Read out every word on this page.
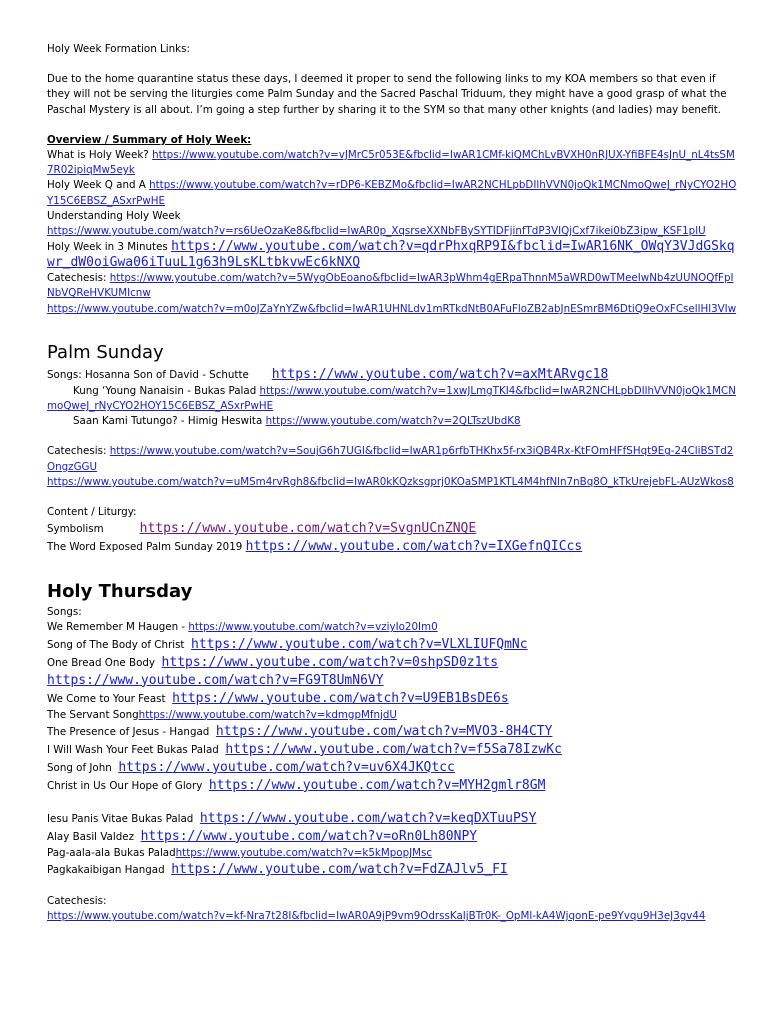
Holy Week Formation Links:
Due to the home quarantine status these days, I deemed it proper to send the following links to my KOA members so that even if they will not be serving the liturgies come Palm Sunday and the Sacred Paschal Triduum, they might have a good grasp of what the Paschal Mystery is all about. I’m going a step further by sharing it to the SYM so that many other knights (and ladies) may benefit.
Overview / Summary of Holy Week:
What is Holy Week? https://www.youtube.com/watch?v=vJMrC5r053E&fbclid=IwAR1CMf-kiQMChLvBVXH0nRJUX-YfiBFE4sJnU_nL4tsSM7R02ipiqMw5eyk
Holy Week Q and A https://www.youtube.com/watch?v=rDP6-KEBZMo&fbclid=IwAR2NCHLpbDIlhVVN0joQk1MCNmoQweJ_rNyCYO2HOY15C6EBSZ_ASxrPwHE
Understanding Holy Week
https://www.youtube.com/watch?v=rs6UeOzaKe8&fbclid=IwAR0p_XqsrseXXNbFBySYTIDFjinfTdP3VIQjCxf7ikei0bZ3ipw_KSF1plU
Holy Week in 3 Minutes https://www.youtube.com/watch?v=qdrPhxqRP9I&fbclid=IwAR16NK_OWqY3VJdGSkqwr_dW0oiGwa06iTuuL1g63h9LsKLtbkvwEc6kNXQ
Catechesis: https://www.youtube.com/watch?v=5WygObEoano&fbclid=IwAR3pWhm4gERpaThnnM5aWRD0wTMeeIwNb4zUUNOQfFpINbVQReHVKUMIcnw
https://www.youtube.com/watch?v=m0oJZaYnYZw&fbclid=IwAR1UHNLdv1mRTkdNtB0AFuFloZB2abJnESmrBM6DtiQ9eOxFCsellHl3VIw
Palm Sunday
Songs: Hosanna Son of David - Schutte https://www.youtube.com/watch?v=axMtARvgc18
Kung ‘Young Nanaisin - Bukas Palad https://www.youtube.com/watch?v=1xwJLmgTKI4&fbclid=IwAR2NCHLpbDIlhVVN0joQk1MCNmoQweJ_rNyCYO2HOY15C6EBSZ_ASxrPwHE
Saan Kami Tutungo? - Himig Heswita https://www.youtube.com/watch?v=2QLTszUbdK8
Catechesis: https://www.youtube.com/watch?v=SoujG6h7UGI&fbclid=IwAR1p6rfbTHKhx5f-rx3iQB4Rx-KtFOmHFfSHqt9Eg-24CliBSTd2OngzGGU
https://www.youtube.com/watch?v=uMSm4rvRgh8&fbclid=IwAR0kKQzksgprj0KOaSMP1KTL4M4hfNln7nBq8O_kTkUrejebFL-AUzWkos8
Content / Liturgy:
Symbolism	https://www.youtube.com/watch?v=SvgnUCnZNQE
The Word Exposed Palm Sunday 2019 https://www.youtube.com/watch?v=IXGefnQICcs
Holy Thursday
Songs:
We Remember M Haugen - https://www.youtube.com/watch?v=vziyIo20Im0
Song of The Body of Christ https://www.youtube.com/watch?v=VLXLIUFQmNc
One Bread One Body https://www.youtube.com/watch?v=0shpSD0z1ts
https://www.youtube.com/watch?v=FG9T8UmN6VY
We Come to Your Feast https://www.youtube.com/watch?v=U9EB1BsDE6s
The Servant Songhttps://www.youtube.com/watch?v=kdmgpMfnjdU
The Presence of Jesus - Hangad https://www.youtube.com/watch?v=MVO3-8H4CTY
I Will Wash Your Feet Bukas Palad https://www.youtube.com/watch?v=f5Sa78IzwKc
Song of John https://www.youtube.com/watch?v=uv6X4JKQtcc
Christ in Us Our Hope of Glory https://www.youtube.com/watch?v=MYH2gmlr8GM
Iesu Panis Vitae Bukas Palad https://www.youtube.com/watch?v=keqDXTuuPSY
Alay Basil Valdez https://www.youtube.com/watch?v=oRn0Lh80NPY
Pag-aala-ala Bukas Paladhttps://www.youtube.com/watch?v=k5kMpopJMsc
Pagkakaibigan Hangad https://www.youtube.com/watch?v=FdZAJlv5_FI
Catechesis:
https://www.youtube.com/watch?v=kf-Nra7t28I&fbclid=IwAR0A9jP9vm9OdrssKaIjBTr0K-_OpMl-kA4WjqonE-pe9Yvqu9H3eJ3gv44
